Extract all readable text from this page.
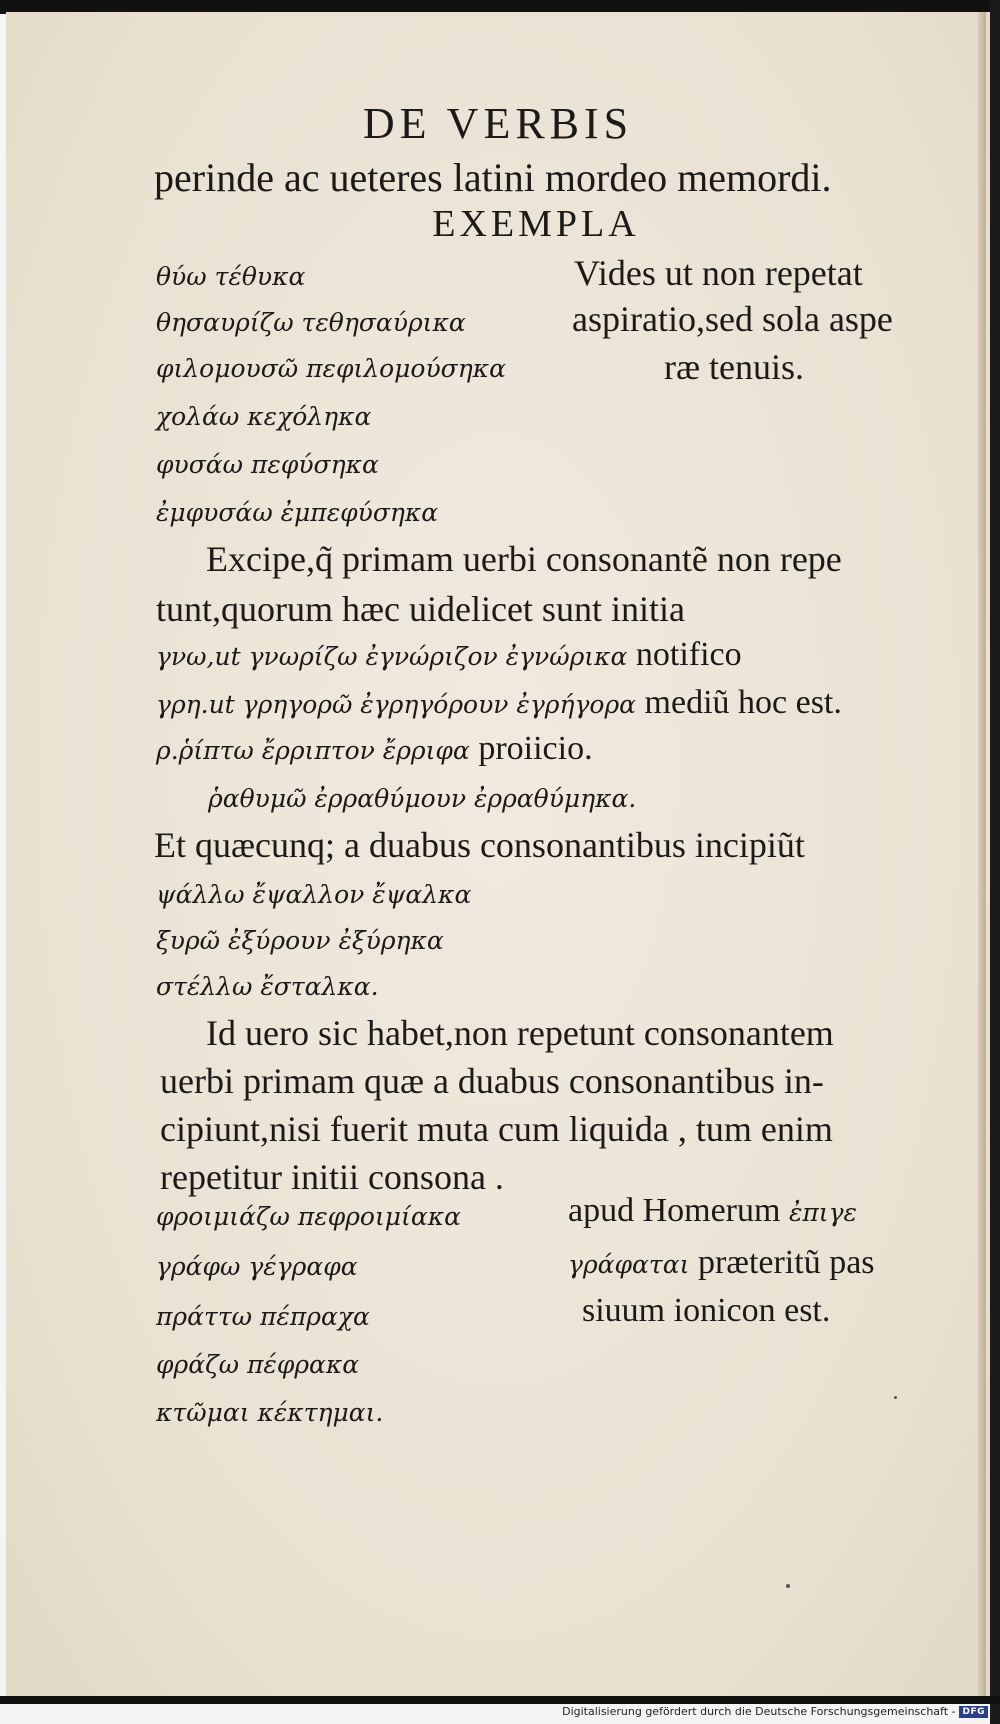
DE VERBIS
perinde ac ueteres latini mordeo memordi.
EXEMPLA
θύω τέθυκα
θησαυρίζω τεθησαύρικα
φιλομουσῶ πεφιλομούσηκα
χολάω κεχόληκα
φυσάω πεφύσηκα
ἐμφυσάω ἐμπεφύσηκα
Vides ut non repetat
aspiratio,sed sola aspe
ræ tenuis.
Excipe,q̃ primam uerbi consonantẽ non repe
tunt,quorum hæc uidelicet sunt initia
γνω,ut γνωρίζω ἐγνώριζον ἐγνώρικα notifico
γρη.ut γρηγορῶ ἐγρηγόρουν ἐγρήγορα mediũ hoc est.
ρ.ῥίπτω ἔρριπτον ἔρριφα proiicio.
ῥαθυμῶ ἐρραθύμουν ἐρραθύμηκα.
Et quæcunq; a duabus consonantibus incipiũt
ψάλλω ἔψαλλον ἔψαλκα
ξυρῶ ἐξύρουν ἐξύρηκα
στέλλω ἔσταλκα.
Id uero sic habet,non repetunt consonantem
uerbi primam quæ a duabus consonantibus in-
cipiunt,nisi fuerit muta cum liquida , tum enim
repetitur initii consona .
φροιμιάζω πεφροιμίακα
γράφω γέγραφα
πράττω πέπραχα
φράζω πέφρακα
κτῶμαι κέκτημαι.
apud Homerum ἐπιγε
γράφαται præteritũ pas
siuum ionicon est.
Digitalisierung gefördert durch die Deutsche Forschungsgemeinschaft - DFG
